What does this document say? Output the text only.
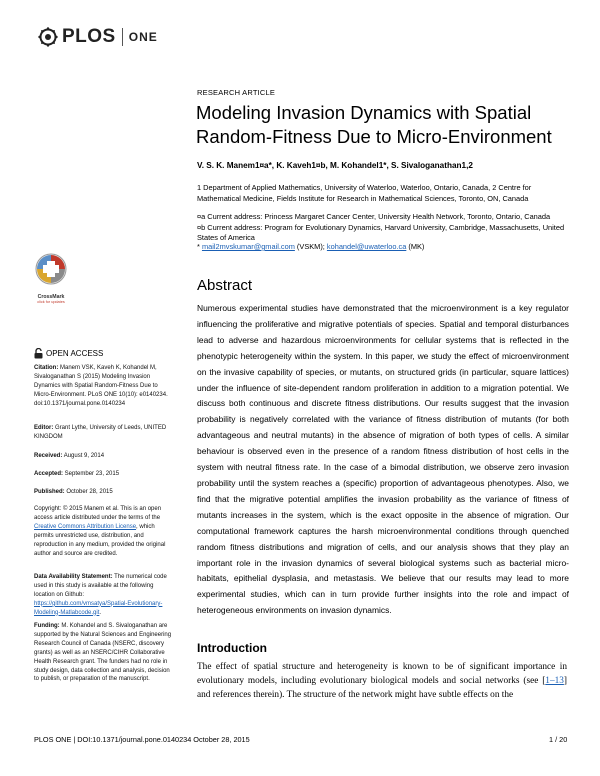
PLOS ONE
RESEARCH ARTICLE
Modeling Invasion Dynamics with Spatial Random-Fitness Due to Micro-Environment
V. S. K. Manem1¤a*, K. Kaveh1¤b, M. Kohandel1*, S. Sivaloganathan1,2
1 Department of Applied Mathematics, University of Waterloo, Waterloo, Ontario, Canada, 2 Centre for Mathematical Medicine, Fields Institute for Research in Mathematical Sciences, Toronto, ON, Canada
¤a Current address: Princess Margaret Cancer Center, University Health Network, Toronto, Ontario, Canada
¤b Current address: Program for Evolutionary Dynamics, Harvard University, Cambridge, Massachusetts, United States of America
* mail2mvskumar@gmail.com (VSKM); kohandel@uwaterloo.ca (MK)
Abstract
Numerous experimental studies have demonstrated that the microenvironment is a key regulator influencing the proliferative and migrative potentials of species. Spatial and temporal disturbances lead to adverse and hazardous microenvironments for cellular systems that is reflected in the phenotypic heterogeneity within the system. In this paper, we study the effect of microenvironment on the invasive capability of species, or mutants, on structured grids (in particular, square lattices) under the influence of site-dependent random proliferation in addition to a migration potential. We discuss both continuous and discrete fitness distributions. Our results suggest that the invasion probability is negatively correlated with the variance of fitness distribution of mutants (for both advantageous and neutral mutants) in the absence of migration of both types of cells. A similar behaviour is observed even in the presence of a random fitness distribution of host cells in the system with neutral fitness rate. In the case of a bimodal distribution, we observe zero invasion probability until the system reaches a (specific) proportion of advantageous phenotypes. Also, we find that the migrative potential amplifies the invasion probability as the variance of fitness of mutants increases in the system, which is the exact opposite in the absence of migration. Our computational framework captures the harsh microenvironmental conditions through quenched random fitness distributions and migration of cells, and our analysis shows that they play an important role in the invasion dynamics of several biological systems such as bacterial micro-habitats, epithelial dysplasia, and metastasis. We believe that our results may lead to more experimental studies, which can in turn provide further insights into the role and impact of heterogeneous environments on invasion dynamics.
Introduction
The effect of spatial structure and heterogeneity is known to be of significant importance in evolutionary models, including evolutionary biological models and social networks (see [1–13] and references therein). The structure of the network might have subtle effects on the
CrossMark
click for updates
OPEN ACCESS
Citation: Manem VSK, Kaveh K, Kohandel M, Sivaloganathan S (2015) Modeling Invasion Dynamics with Spatial Random-Fitness Due to Micro-Environment. PLoS ONE 10(10): e0140234. doi:10.1371/journal.pone.0140234
Editor: Grant Lythe, University of Leeds, UNITED KINGDOM
Received: August 9, 2014
Accepted: September 23, 2015
Published: October 28, 2015
Copyright: © 2015 Manem et al. This is an open access article distributed under the terms of the Creative Commons Attribution License, which permits unrestricted use, distribution, and reproduction in any medium, provided the original author and source are credited.
Data Availability Statement: The numerical code used in this study is available at the following location on Github: https://github.com/vmsatya/Spatial-Evolutionary-Modeling-Matlabcode.git.
Funding: M. Kohandel and S. Sivaloganathan are supported by the Natural Sciences and Engineering Research Council of Canada (NSERC, discovery grants) as well as an NSERC/CIHR Collaborative Health Research grant. The funders had no role in study design, data collection and analysis, decision to publish, or preparation of the manuscript.
PLOS ONE | DOI:10.1371/journal.pone.0140234 October 28, 2015	1 / 20
